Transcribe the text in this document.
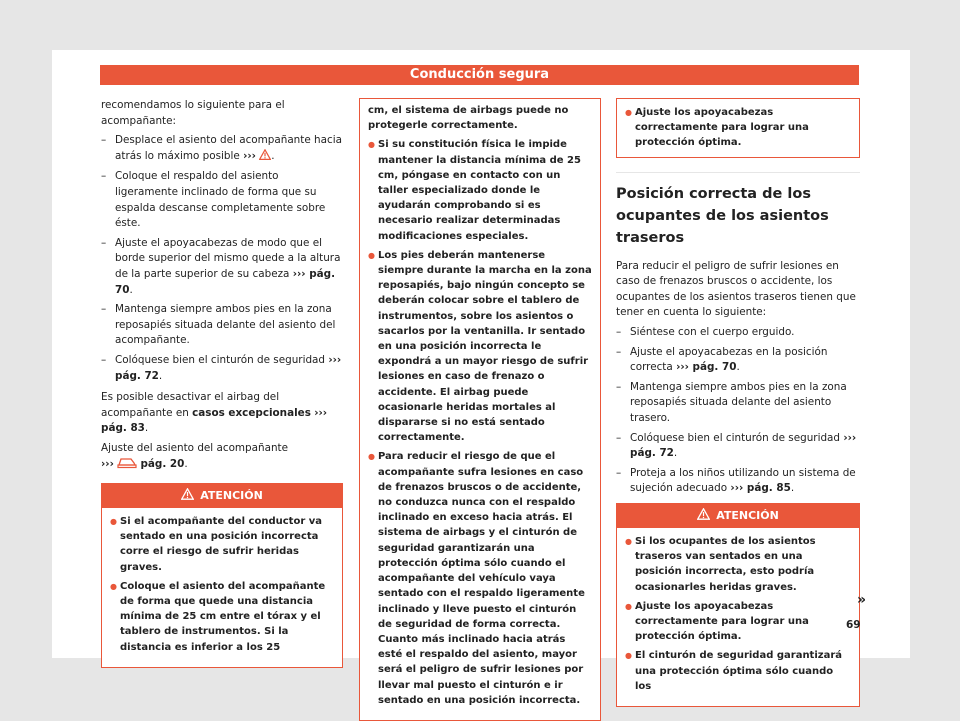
Conducción segura

recomendamos lo siguiente para el acompañante:

– Desplace el asiento del acompañante hacia atrás lo máximo posible ››› .
– Coloque el respaldo del asiento ligeramente inclinado de forma que su espalda descanse completamente sobre éste.
– Ajuste el apoyacabezas de modo que el borde superior del mismo quede a la altura de la parte superior de su cabeza ››› pág. 70.
– Mantenga siempre ambos pies en la zona reposapiés situada delante del asiento del acompañante.
– Colóquese bien el cinturón de seguridad ››› pág. 72.

Es posible desactivar el airbag del acompañante en casos excepcionales ››› pág. 83.

Ajuste del asiento del acompañante
›››	pág. 20.

ATENCIÓN
● Si el acompañante del conductor va sentado en una posición incorrecta corre el riesgo de sufrir heridas graves.
● Coloque el asiento del acompañante de forma que quede una distancia mínima de 25 cm entre el tórax y el tablero de instrumentos. Si la distancia es inferior a los 25
cm, el sistema de airbags puede no protegerle correctamente.
● Si su constitución física le impide mantener la distancia mínima de 25 cm, póngase en contacto con un taller especializado donde le ayudarán comprobando si es necesario realizar determinadas modificaciones especiales.
● Los pies deberán mantenerse siempre durante la marcha en la zona reposapiés, bajo ningún concepto se deberán colocar sobre el tablero de instrumentos, sobre los asientos o sacarlos por la ventanilla. Ir sentado en una posición incorrecta le expondrá a un mayor riesgo de sufrir lesiones en caso de frenazo o accidente. El airbag puede ocasionarle heridas mortales al dispararse si no está sentado correctamente.
● Para reducir el riesgo de que el acompañante sufra lesiones en caso de frenazos bruscos o de accidente, no conduzca nunca con el respaldo inclinado en exceso hacia atrás. El sistema de airbags y el cinturón de seguridad garantizarán una protección óptima sólo cuando el acompañante del vehículo vaya sentado con el respaldo ligeramente inclinado y lleve puesto el cinturón de seguridad de forma correcta. Cuanto más inclinado hacia atrás esté el respaldo del asiento, mayor será el peligro de sufrir lesiones por llevar mal puesto el cinturón e ir sentado en una posición incorrecta.
● Ajuste los apoyacabezas correctamente para lograr una protección óptima.
Posición correcta de los ocupantes de los asientos traseros

Para reducir el peligro de sufrir lesiones en caso de frenazos bruscos o accidente, los ocupantes de los asientos traseros tienen que tener en cuenta lo siguiente:

– Siéntese con el cuerpo erguido.
– Ajuste el apoyacabezas en la posición correcta ››› pág. 70.
– Mantenga siempre ambos pies en la zona reposapiés situada delante del asiento trasero.
– Colóquese bien el cinturón de seguridad ››› pág. 72.
– Proteja a los niños utilizando un sistema de sujeción adecuado ››› pág. 85.
ATENCIÓN
● Si los ocupantes de los asientos traseros van sentados en una posición incorrecta, esto podría ocasionarles heridas graves.
● Ajuste los apoyacabezas correctamente para lograr una protección óptima.
● El cinturón de seguridad garantizará una protección óptima sólo cuando los
»
69
